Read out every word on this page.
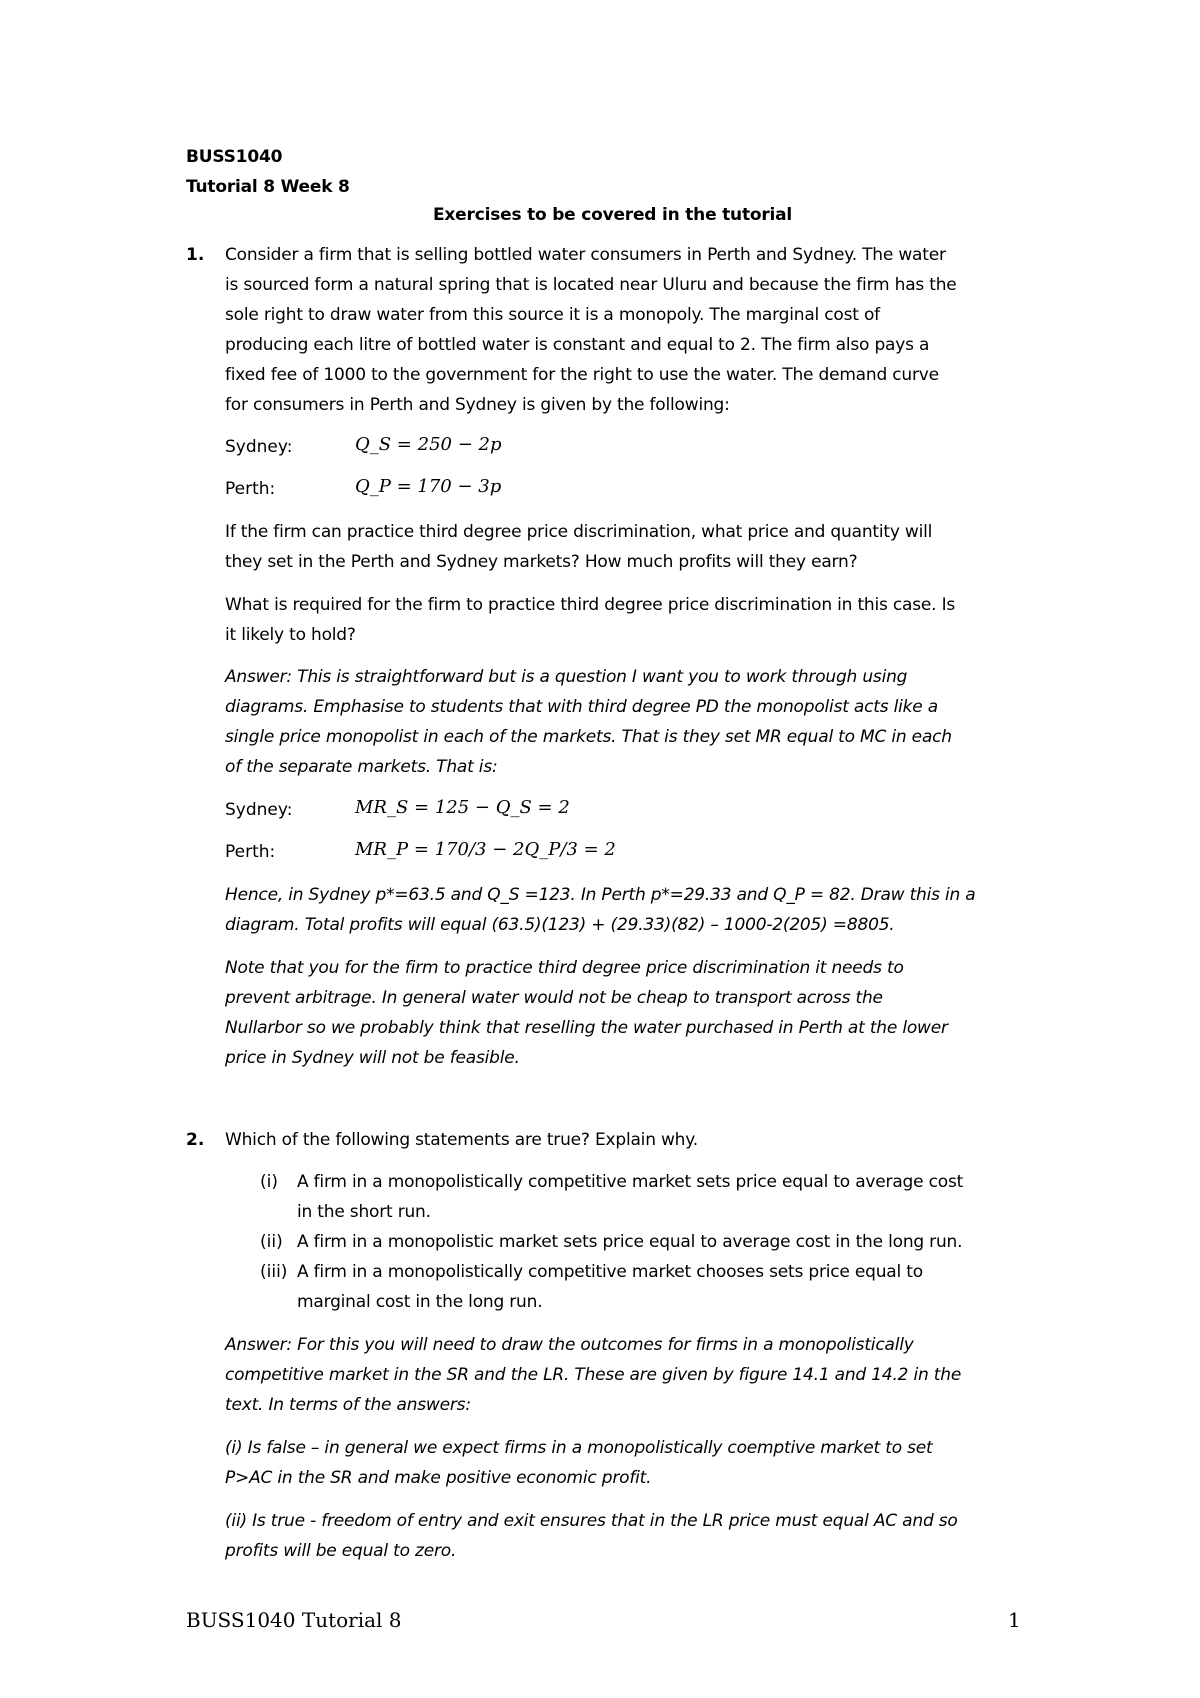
BUSS1040
Tutorial 8 Week 8
Exercises to be covered in the tutorial
1. Consider a firm that is selling bottled water consumers in Perth and Sydney. The water
is sourced form a natural spring that is located near Uluru and because the firm has the
sole right to draw water from this source it is a monopoly. The marginal cost of
producing each litre of bottled water is constant and equal to 2. The firm also pays a
fixed fee of 1000 to the government for the right to use the water. The demand curve
for consumers in Perth and Sydney is given by the following:
Sydney:	Q_S = 250 − 2p
Perth:	Q_P = 170 − 3p
If the firm can practice third degree price discrimination, what price and quantity will
they set in the Perth and Sydney markets? How much profits will they earn?
What is required for the firm to practice third degree price discrimination in this case. Is
it likely to hold?
Answer: This is straightforward but is a question I want you to work through using
diagrams. Emphasise to students that with third degree PD the monopolist acts like a
single price monopolist in each of the markets. That is they set MR equal to MC in each
of the separate markets. That is:
Sydney:	MR_S = 125 − Q_S = 2
Perth:	MR_P = 170/3 − 2Q_P/3 = 2
Hence, in Sydney p*=63.5 and Q_S =123. In Perth p*=29.33 and Q_P = 82. Draw this in a
diagram. Total profits will equal (63.5)(123) + (29.33)(82) – 1000-2(205) =8805.
Note that you for the firm to practice third degree price discrimination it needs to
prevent arbitrage. In general water would not be cheap to transport across the
Nullarbor so we probably think that reselling the water purchased in Perth at the lower
price in Sydney will not be feasible.
2. Which of the following statements are true? Explain why.
(i) A firm in a monopolistically competitive market sets price equal to average cost
in the short run.
(ii) A firm in a monopolistic market sets price equal to average cost in the long run.
(iii) A firm in a monopolistically competitive market chooses sets price equal to
marginal cost in the long run.
Answer: For this you will need to draw the outcomes for firms in a monopolistically
competitive market in the SR and the LR. These are given by figure 14.1 and 14.2 in the
text. In terms of the answers:
(i) Is false – in general we expect firms in a monopolistically coemptive market to set
P>AC in the SR and make positive economic profit.
(ii) Is true - freedom of entry and exit ensures that in the LR price must equal AC and so
profits will be equal to zero.
BUSS1040 Tutorial 8	1
